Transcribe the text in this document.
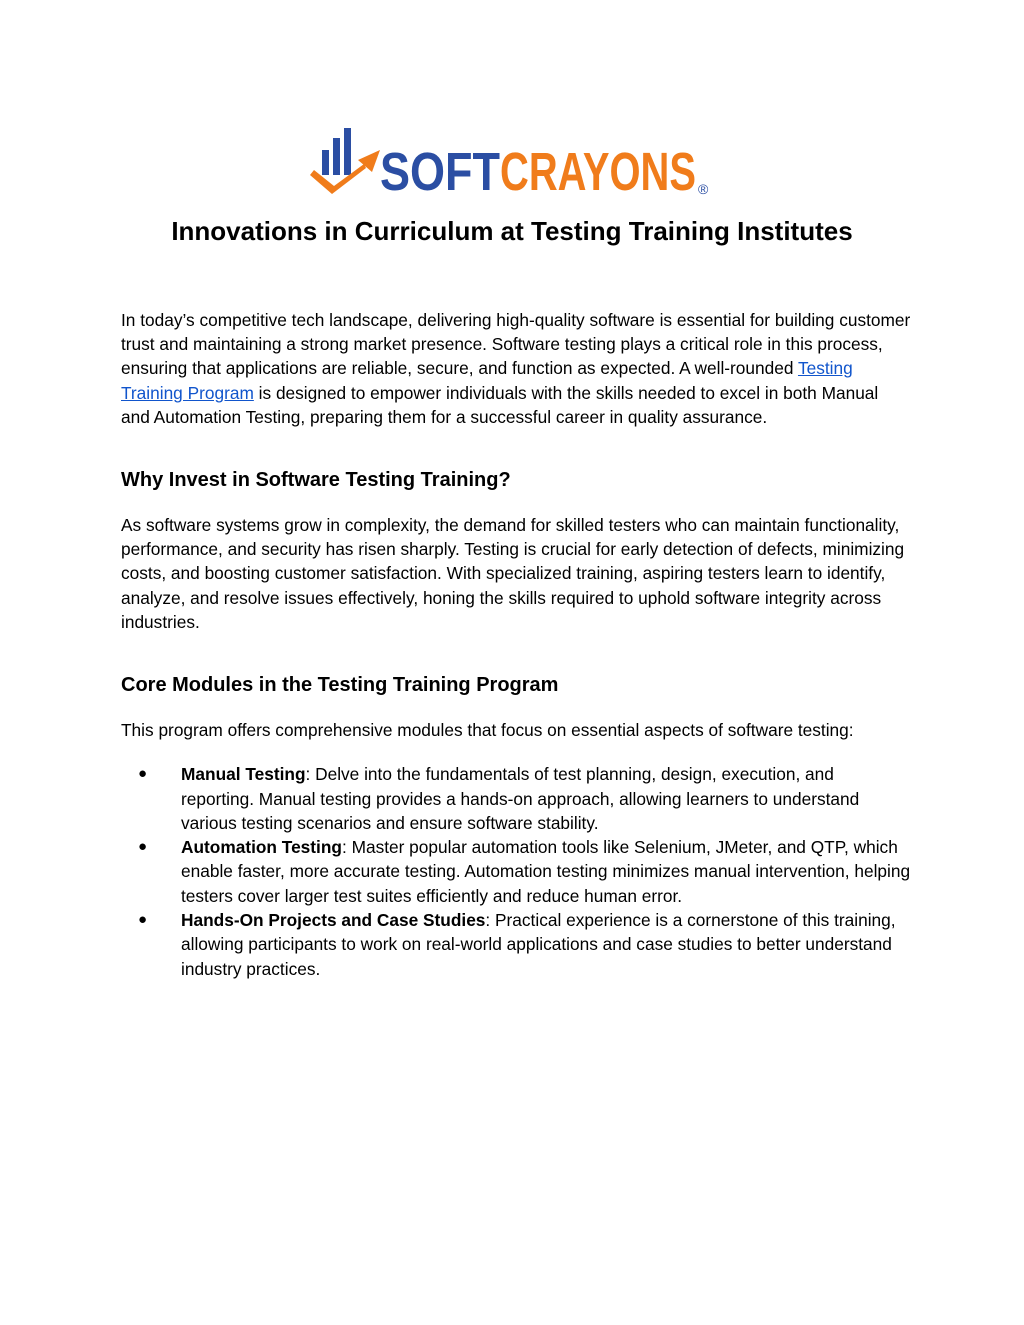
SOFT CRAYONS ®
Innovations in Curriculum at Testing Training Institutes

In today’s competitive tech landscape, delivering high-quality software is essential for building customer trust and maintaining a strong market presence. Software testing plays a critical role in this process, ensuring that applications are reliable, secure, and function as expected. A well-rounded Testing Training Program is designed to empower individuals with the skills needed to excel in both Manual and Automation Testing, preparing them for a successful career in quality assurance.

Why Invest in Software Testing Training?

As software systems grow in complexity, the demand for skilled testers who can maintain functionality, performance, and security has risen sharply. Testing is crucial for early detection of defects, minimizing costs, and boosting customer satisfaction. With specialized training, aspiring testers learn to identify, analyze, and resolve issues effectively, honing the skills required to uphold software integrity across industries.

Core Modules in the Testing Training Program

This program offers comprehensive modules that focus on essential aspects of software testing:

● Manual Testing: Delve into the fundamentals of test planning, design, execution, and reporting. Manual testing provides a hands-on approach, allowing learners to understand various testing scenarios and ensure software stability.
● Automation Testing: Master popular automation tools like Selenium, JMeter, and QTP, which enable faster, more accurate testing. Automation testing minimizes manual intervention, helping testers cover larger test suites efficiently and reduce human error.
● Hands-On Projects and Case Studies: Practical experience is a cornerstone of this training, allowing participants to work on real-world applications and case studies to better understand industry practices.
